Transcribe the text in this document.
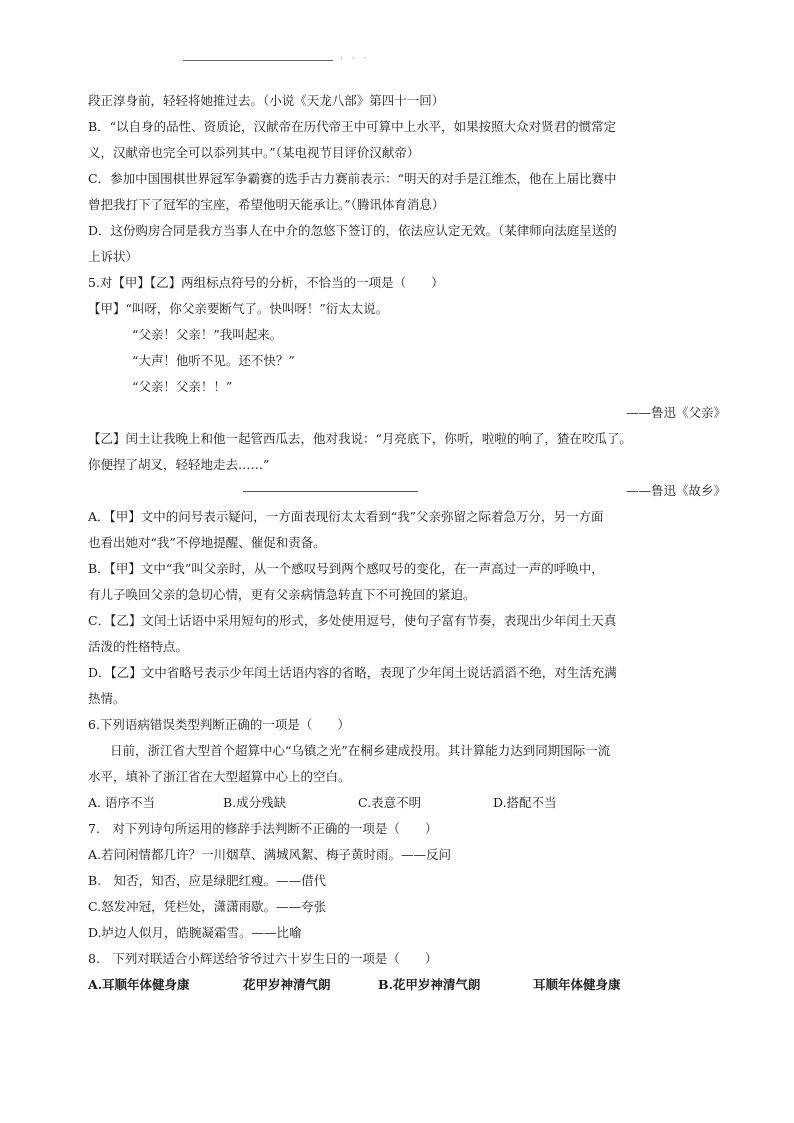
· · ·
段正淳身前，轻轻将她推过去。（小说《天龙八部》第四十一回）
B．“以自身的品性、资质论，汉献帝在历代帝王中可算中上水平，如果按照大众对贤君的惯常定
义，汉献帝也完全可以忝列其中。”（某电视节目评价汉献帝）
C．参加中国围棋世界冠军争霸赛的选手古力赛前表示：“明天的对手是江维杰，他在上届比赛中
曾把我打下了冠军的宝座，希望他明天能承让。”（腾讯体育消息）
D．这份购房合同是我方当事人在中介的忽悠下签订的，依法应认定无效。（某律师向法庭呈送的
上诉状）
5.对【甲】【乙】两组标点符号的分析，不恰当的一项是（　　）
【甲】“叫呀，你父亲要断气了。快叫呀！”衍太太说。
“父亲！父亲！”我叫起来。
“大声！他听不见。还不快？”
“父亲！父亲！！”
——鲁迅《父亲》
【乙】闰土让我晚上和他一起管西瓜去，他对我说：“月亮底下，你听，啦啦的响了，猹在咬瓜了。
你便捏了胡叉，轻轻地走去……”
——鲁迅《故乡》
A．【甲】文中的问号表示疑问，一方面表现衍太太看到“我”父亲弥留之际着急万分，另一方面
也看出她对“我”不停地提醒、催促和责备。
B．【甲】文中“我”叫父亲时，从一个感叹号到两个感叹号的变化，在一声高过一声的呼唤中，
有儿子唤回父亲的急切心情，更有父亲病情急转直下不可挽回的紧迫。
C．【乙】文闰土话语中采用短句的形式，多处使用逗号，使句子富有节奏，表现出少年闰土天真
活泼的性格特点。
D．【乙】文中省略号表示少年闰土话语内容的省略，表现了少年闰土说话滔滔不绝，对生活充满
热情。
6.下列语病错误类型判断正确的一项是（　　）
日前，浙江省大型首个超算中心“乌镇之光”在桐乡建成投用。其计算能力达到同期国际一流
水平，填补了浙江省在大型超算中心上的空白。
A. 语序不当	B.成分残缺	C.表意不明	D.搭配不当
7.　对下列诗句所运用的修辞手法判断不正确的一项是（　　）
A.若问闲情都几许？一川烟草、满城风絮、梅子黄时雨。——反问
B.　知否，知否，应是绿肥红瘦。——借代
C.怒发冲冠，凭栏处，潇潇雨歇。——夸张
D.垆边人似月，皓腕凝霜雪。——比喻
8.　下列对联适合小辉送给爷爷过六十岁生日的一项是（　　）
A.耳顺年体健身康	花甲岁神清气朗	B.花甲岁神清气朗	耳顺年体健身康
